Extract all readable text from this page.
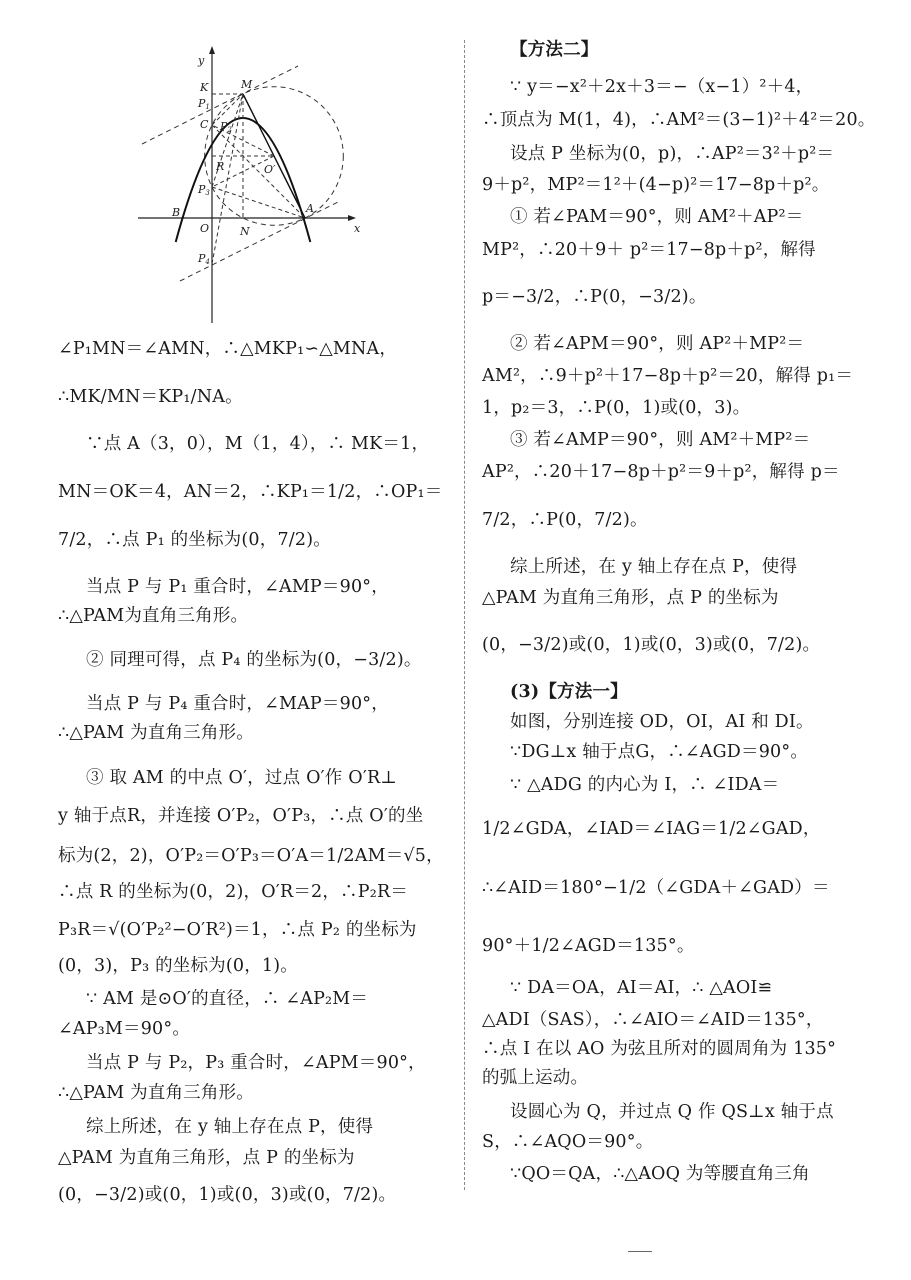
y
x
K	M
P1
C P2
R	O′
P3
B
O	N
A
P4
∠P₁MN＝∠AMN，∴△MKP₁∽△MNA，
∴MK/MN＝KP₁/NA。
∵点 A（3，0），M（1，4），∴ MK＝1，
MN＝OK＝4，AN＝2，∴KP₁＝1/2，∴OP₁＝
7/2，∴点 P₁ 的坐标为(0，7/2)。
当点 P 与 P₁ 重合时，∠AMP＝90°，
∴△PAM为直角三角形。
② 同理可得，点 P₄ 的坐标为(0，−3/2)。
当点 P 与 P₄ 重合时，∠MAP＝90°，
∴△PAM 为直角三角形。
③ 取 AM 的中点 O′，过点 O′作 O′R⊥
y 轴于点R，并连接 O′P₂，O′P₃，∴点 O′的坐
标为(2，2)，O′P₂＝O′P₃＝O′A＝1/2AM＝√5，
∴点 R 的坐标为(0，2)，O′R＝2，∴P₂R＝
P₃R＝√(O′P₂²−O′R²)＝1，∴点 P₂ 的坐标为
(0，3)，P₃ 的坐标为(0，1)。
∵ AM 是⊙O′的直径，∴ ∠AP₂M＝
∠AP₃M＝90°。
当点 P 与 P₂，P₃ 重合时，∠APM＝90°，
∴△PAM 为直角三角形。
综上所述，在 y 轴上存在点 P，使得
△PAM 为直角三角形，点 P 的坐标为
(0，−3/2)或(0，1)或(0，3)或(0，7/2)。
【方法二】
∵ y＝−x²＋2x＋3＝−（x−1）²＋4，
∴顶点为 M(1，4)，∴AM²＝(3−1)²＋4²＝20。
设点 P 坐标为(0，p)，∴AP²＝3²＋p²＝
9＋p²，MP²＝1²＋(4−p)²＝17−8p＋p²。
① 若∠PAM＝90°，则 AM²＋AP²＝
MP²，∴20＋9＋ p²＝17−8p＋p²，解得
p＝−3/2，∴P(0，−3/2)。
② 若∠APM＝90°，则 AP²＋MP²＝
AM²，∴9＋p²＋17−8p＋p²＝20，解得 p₁＝
1，p₂＝3，∴P(0，1)或(0，3)。
③ 若∠AMP＝90°，则 AM²＋MP²＝
AP²，∴20＋17−8p＋p²＝9＋p²，解得 p＝
7/2，∴P(0，7/2)。
综上所述，在 y 轴上存在点 P，使得
△PAM 为直角三角形，点 P 的坐标为
(0，−3/2)或(0，1)或(0，3)或(0，7/2)。
(3)【方法一】
如图，分别连接 OD，OI，AI 和 DI。
∵DG⊥x 轴于点G，∴∠AGD＝90°。
∵ △ADG 的内心为 I，∴ ∠IDA＝
1/2∠GDA，∠IAD＝∠IAG＝1/2∠GAD，
∴∠AID＝180°−1/2（∠GDA＋∠GAD）＝
90°＋1/2∠AGD＝135°。
∵ DA＝OA，AI＝AI，∴ △AOI≌
△ADI（SAS），∴∠AIO＝∠AID＝135°，
∴点 I 在以 AO 为弦且所对的圆周角为 135°
的弧上运动。
设圆心为 Q，并过点 Q 作 QS⊥x 轴于点
S，∴∠AQO＝90°。
∵QO＝QA，∴△AOQ 为等腰直角三角
